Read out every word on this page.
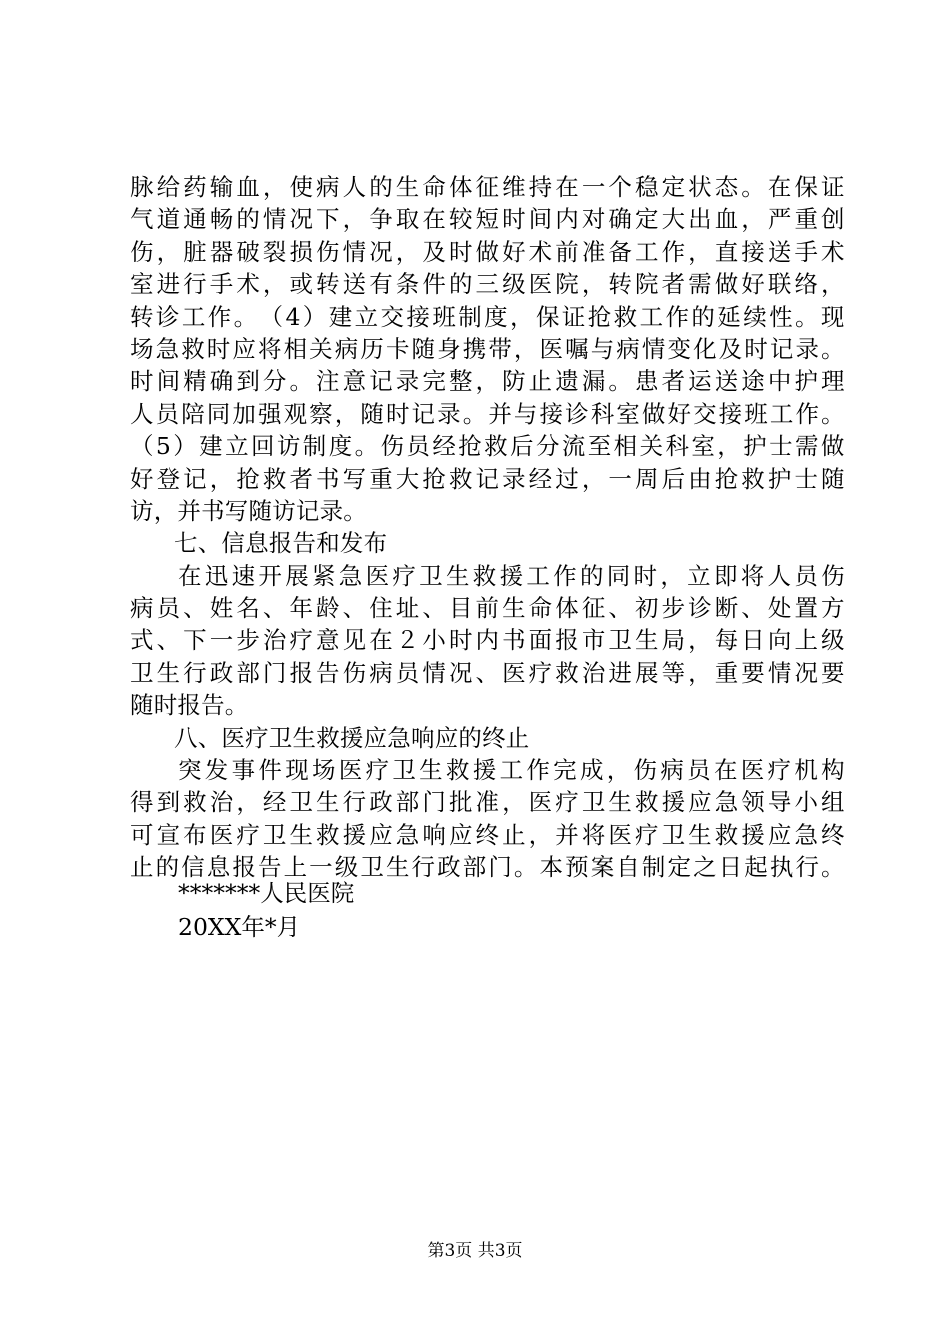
脉 给 药 输 血 ， 使 病 人 的 生 命 体 征 维 持 在 一 个 稳 定 状 态 。 在 保 证
气 道 通 畅 的 情 况 下 ， 争 取 在 较 短 时 间 内 对 确 定 大 出 血 ， 严 重 创
伤 ， 脏 器 破 裂 损 伤 情 况 ， 及 时 做 好 术 前 准 备 工 作 ， 直 接 送 手 术
室 进 行 手 术 ， 或 转 送 有 条 件 的 三 级 医 院 ， 转 院 者 需 做 好 联 络 ，
转 诊 工 作 。 （ 4 ） 建 立 交 接 班 制 度 ， 保 证 抢 救 工 作 的 延 续 性 。 现
场 急 救 时 应 将 相 关 病 历 卡 随 身 携 带 ， 医 嘱 与 病 情 变 化 及 时 记 录 。
时 间 精 确 到 分 。 注 意 记 录 完 整 ， 防 止 遗 漏 。 患 者 运 送 途 中 护 理
人 员 陪 同 加 强 观 察 ， 随 时 记 录 。 并 与 接 诊 科 室 做 好 交 接 班 工 作 。
（ 5 ） 建 立 回 访 制 度 。 伤 员 经 抢 救 后 分 流 至 相 关 科 室 ， 护 士 需 做
好 登 记 ， 抢 救 者 书 写 重 大 抢 救 记 录 经 过 ， 一 周 后 由 抢 救 护 士 随
访，并书写随访记录。
七、信息报告和发布
在 迅 速 开 展 紧 急 医 疗 卫 生 救 援 工 作 的 同 时 ， 立 即 将 人 员 伤
病 员 、 姓 名 、 年 龄 、 住 址 、 目 前 生 命 体 征 、 初 步 诊 断 、 处 置 方
式 、 下 一 步 治 疗 意 见 在 ２ 小 时 内 书 面 报 市 卫 生 局 ， 每 日 向 上 级
卫 生 行 政 部 门 报 告 伤 病 员 情 况 、 医 疗 救 治 进 展 等 ， 重 要 情 况 要
随时报告。
八、医疗卫生救援应急响应的终止
突 发 事 件 现 场 医 疗 卫 生 救 援 工 作 完 成 ， 伤 病 员 在 医 疗 机 构
得 到 救 治 ， 经 卫 生 行 政 部 门 批 准 ， 医 疗 卫 生 救 援 应 急 领 导 小 组
可 宣 布 医 疗 卫 生 救 援 应 急 响 应 终 止 ， 并 将 医 疗 卫 生 救 援 应 急 终
止 的 信 息 报 告 上 一 级 卫 生 行 政 部 门 。 本 预 案 自 制 定 之 日 起 执 行 。
*******人民医院
20XX年*月
第3页 共3页
